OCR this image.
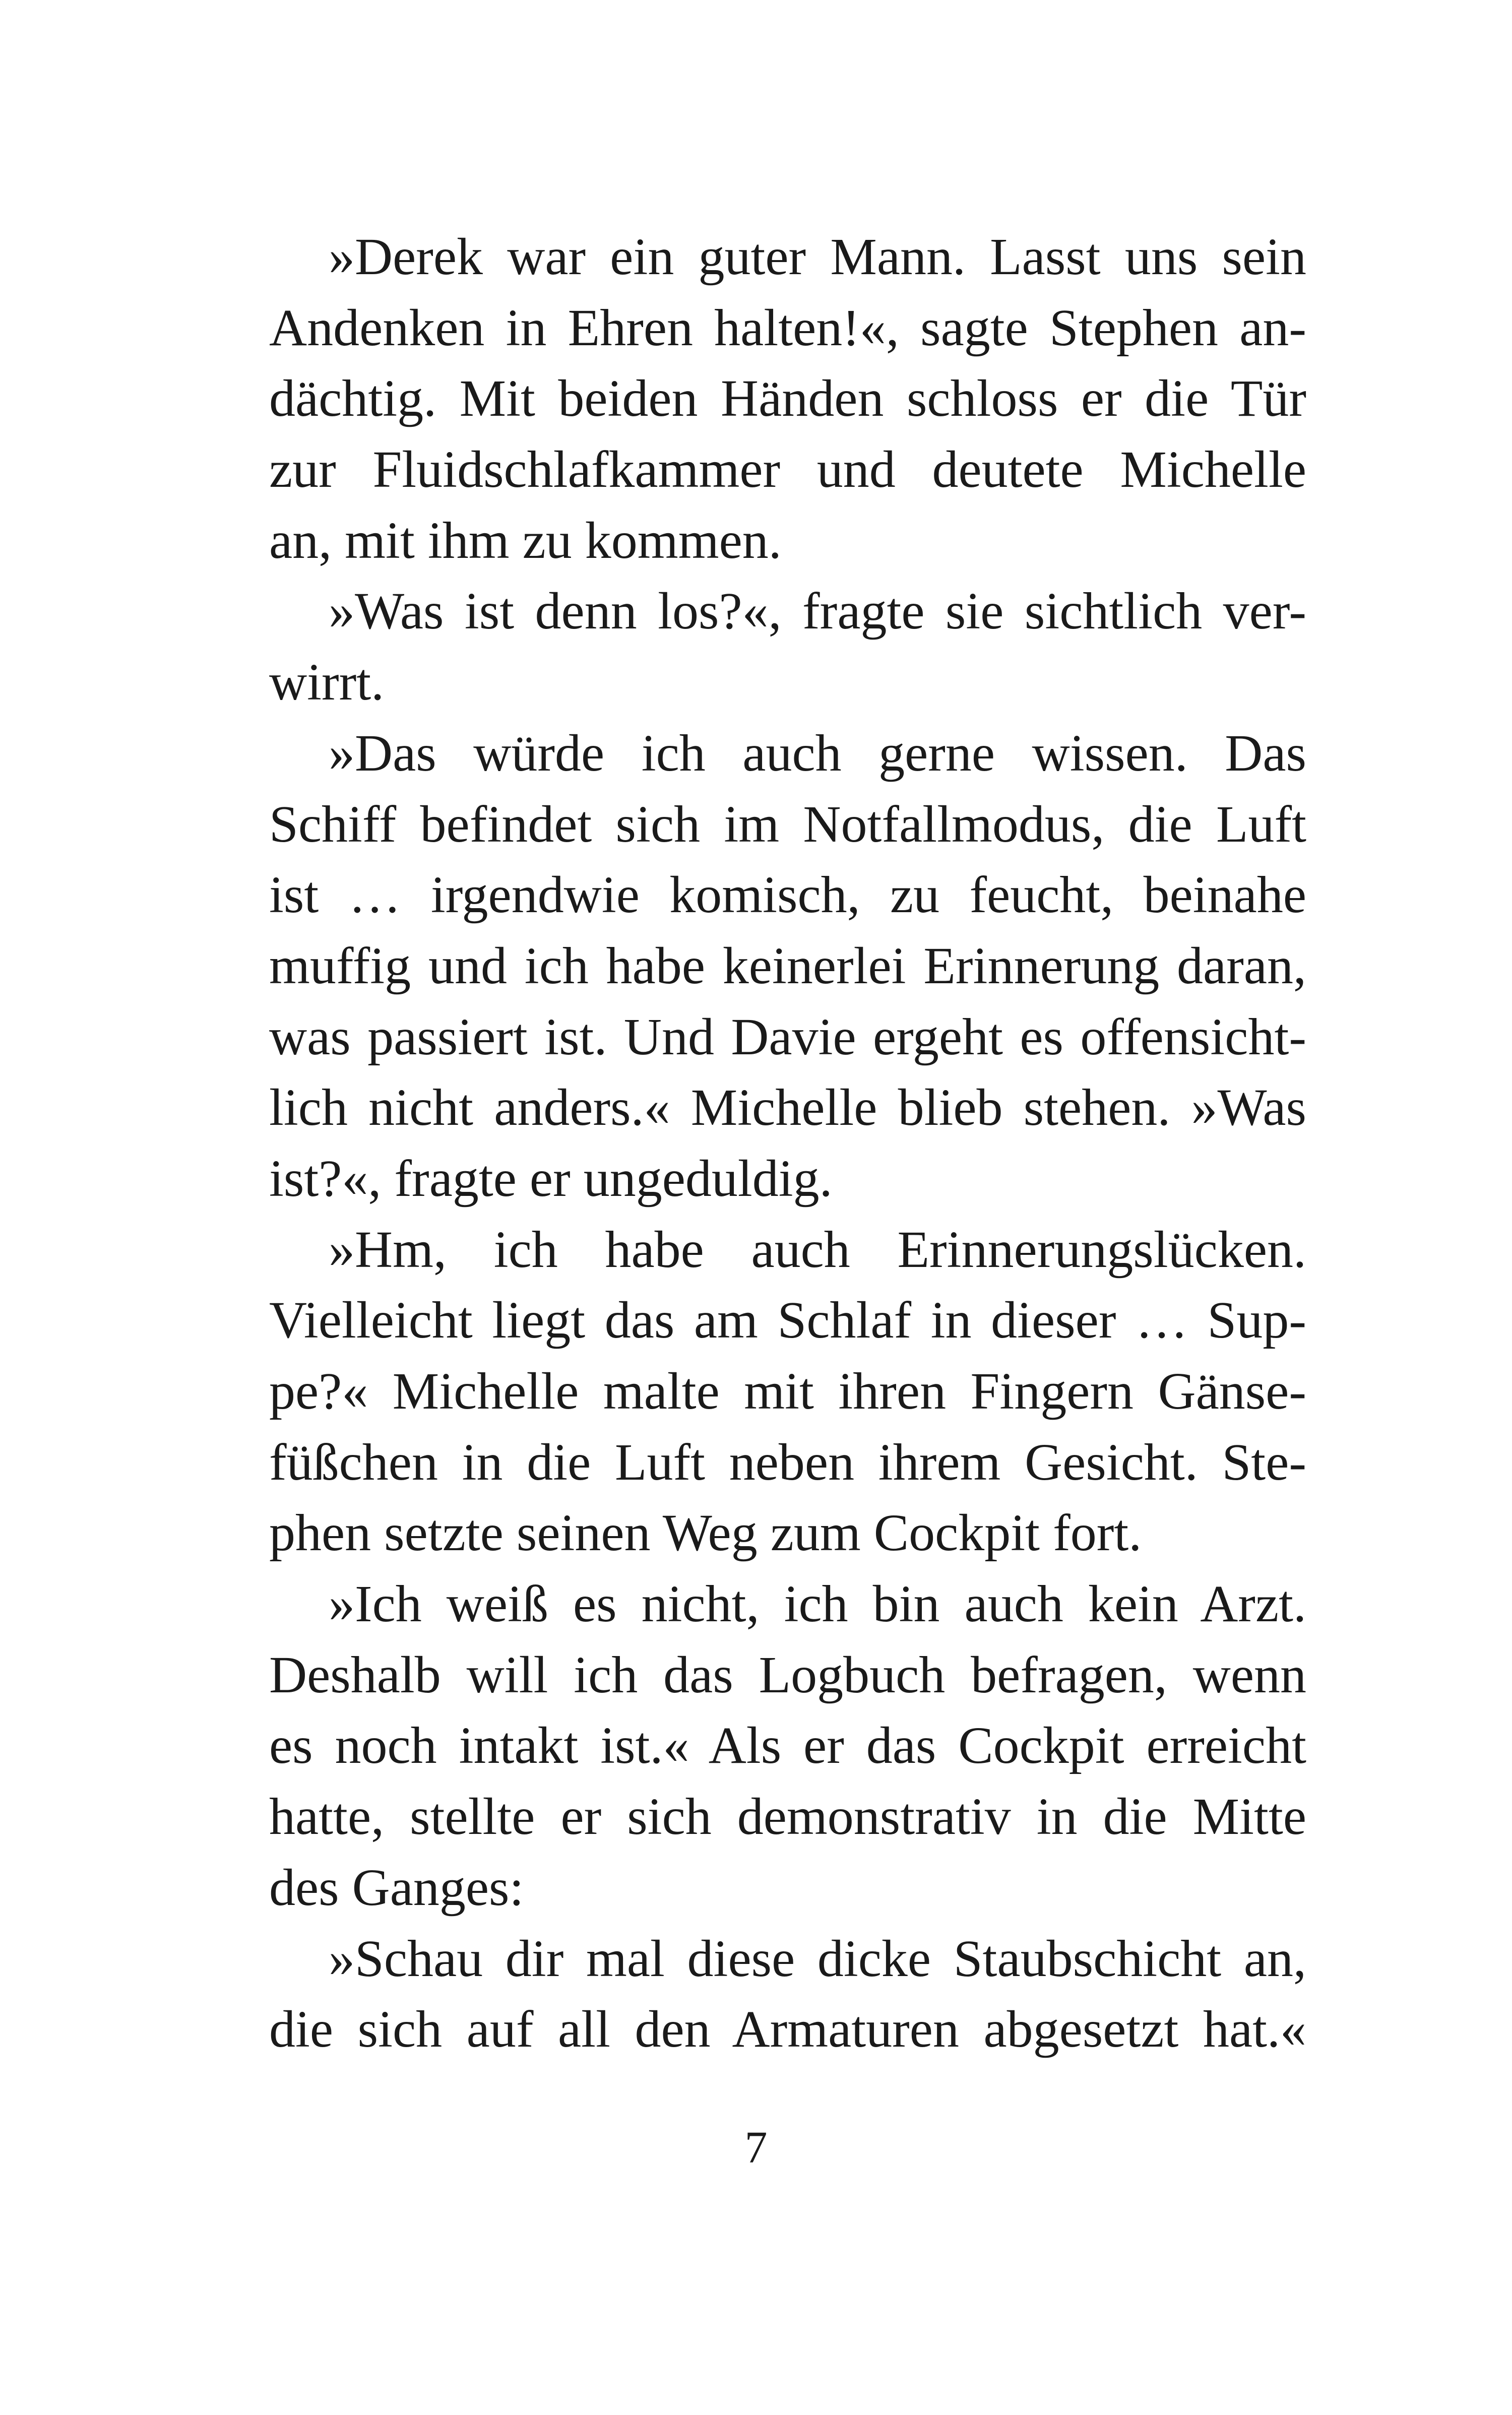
»Derek war ein guter Mann. Lasst uns sein
Andenken in Ehren halten!«, sagte Stephen an-
dächtig. Mit beiden Händen schloss er die Tür
zur Fluidschlafkammer und deutete Michelle
an, mit ihm zu kommen.
»Was ist denn los?«, fragte sie sichtlich ver-
wirrt.
»Das würde ich auch gerne wissen. Das
Schiff befindet sich im Notfallmodus, die Luft
ist … irgendwie komisch, zu feucht, beinahe
muffig und ich habe keinerlei Erinnerung daran,
was passiert ist. Und Davie ergeht es offensicht-
lich nicht anders.« Michelle blieb stehen. »Was
ist?«, fragte er ungeduldig.
»Hm, ich habe auch Erinnerungslücken.
Vielleicht liegt das am Schlaf in dieser … Sup-
pe?« Michelle malte mit ihren Fingern Gänse-
füßchen in die Luft neben ihrem Gesicht. Ste-
phen setzte seinen Weg zum Cockpit fort.
»Ich weiß es nicht, ich bin auch kein Arzt.
Deshalb will ich das Logbuch befragen, wenn
es noch intakt ist.« Als er das Cockpit erreicht
hatte, stellte er sich demonstrativ in die Mitte
des Ganges:
»Schau dir mal diese dicke Staubschicht an,
die sich auf all den Armaturen abgesetzt hat.«
7
